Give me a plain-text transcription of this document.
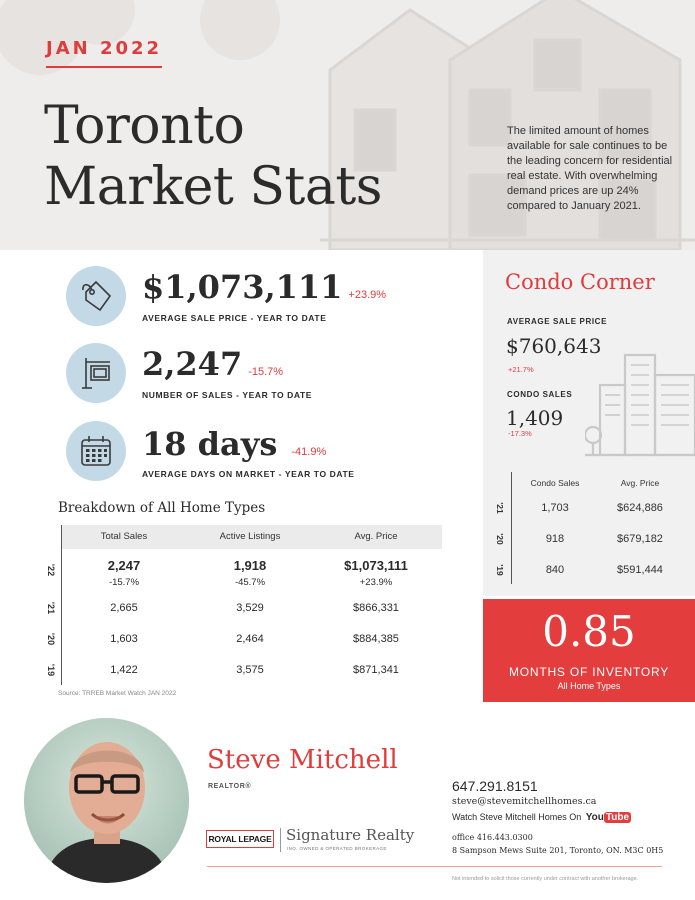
JAN 2022
Toronto
Market Stats
The limited amount of homes available for sale continues to be the leading concern for residential real estate. With overwhelming demand prices are up 24% compared to January 2021.
$1,073,111 +23.9%
AVERAGE SALE PRICE - YEAR TO DATE
2,247 -15.7%
NUMBER OF SALES - YEAR TO DATE
18 days -41.9%
AVERAGE DAYS ON MARKET - YEAR TO DATE
Breakdown of All Home Types
Total Sales	Active Listings	Avg. Price
'22	2,247	1,918	$1,073,111
-15.7%	-45.7%	+23.9%
'21	2,665	3,529	$866,331
'20	1,603	2,464	$884,385
'19	1,422	3,575	$871,341
Source: TRREB Market Watch JAN 2022
Condo Corner
AVERAGE SALE PRICE
$760,643
+21.7%
CONDO SALES
1,409
-17.3%
Condo Sales	Avg. Price
'21	1,703	$624,886
'20	918	$679,182
'19	840	$591,444
0.85
MONTHS OF INVENTORY
All Home Types
Steve Mitchell
REALTOR®
ROYAL LEPAGE Signature Realty
INO. OWNED & OPERATED BROKERAGE
647.291.8151
steve@stevemitchellhomes.ca
Watch Steve Mitchell Homes On You Tube
office 416.443.0300
8 Sampson Mews Suite 201, Toronto, ON. M3C 0H5
Not intended to solicit those currently under contract with another brokerage.
